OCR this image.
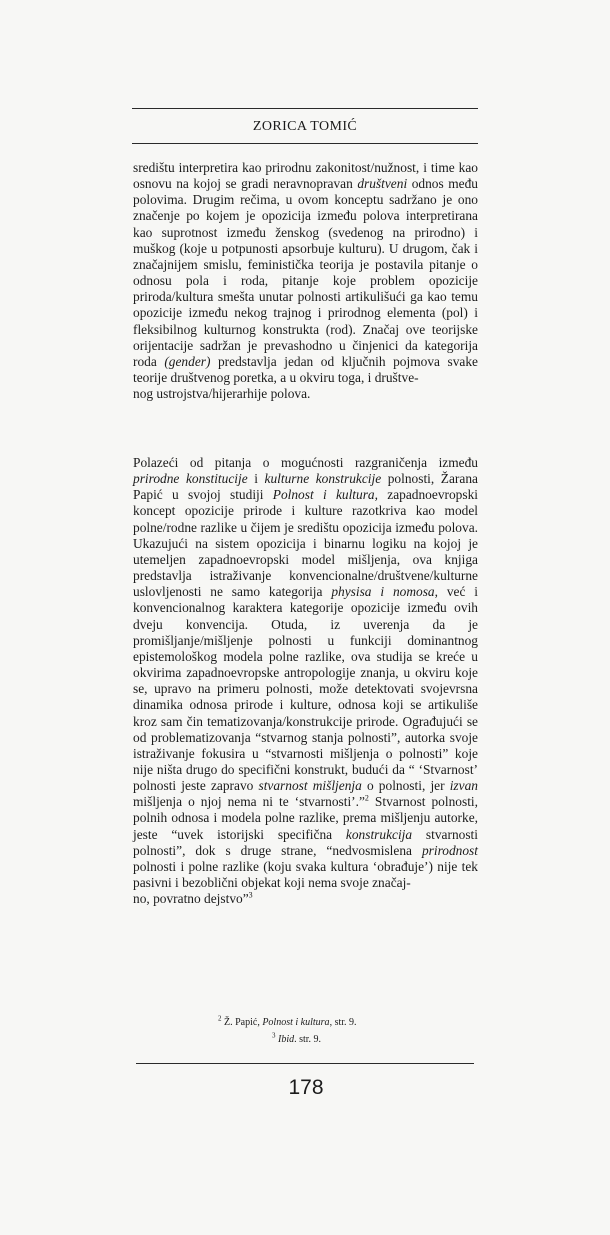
ZORICA TOMIĆ

središtu interpretira kao prirodnu zakonitost/nužnost, i time kao osnovu na kojoj se gradi neravnopravan društveni odnos među polovima. Drugim rečima, u ovom konceptu sadržano je ono značenje po kojem je opozicija između polova interpretirana kao suprotnost između ženskog (svedenog na prirodno) i muškog (koje u potpunosti apsorbuje kulturu). U drugom, čak i značajnijem smislu, feministička teorija je postavila pitanje o odnosu pola i roda, pitanje koje problem opozicije priroda/kultura smešta unutar polnosti artikulišući ga kao temu opozicije između nekog trajnog i prirodnog elementa (pol) i fleksibilnog kulturnog konstrukta (rod). Značaj ove teorijske orijentacije sadržan je prevashodno u činjenici da kategorija roda (gender) predstavlja jedan od ključnih pojmova svake teorije društvenog poretka, a u okviru toga, i društve-
nog ustrojstva/hijerarhije polova.

Polazeći od pitanja o mogućnosti razgraničenja između prirodne konstitucije i kulturne konstrukcije polnosti, Žarana Papić u svojoj studiji Polnost i kultura, zapadnoevropski koncept opozicije prirode i kulture razotkriva kao model polne/rodne razlike u čijem je središtu opozicija između polova. Ukazujući na sistem opozicija i binarnu logiku na kojoj je utemeljen zapadnoevropski model mišljenja, ova knjiga predstavlja istraživanje konvencionalne/društvene/kulturne uslovljenosti ne samo kategorija physisa i nomosa, već i konvencionalnog karaktera kategorije opozicije između ovih dveju konvencija. Otuda, iz uverenja da je promišljanje/mišljenje polnosti u funkciji dominantnog epistemološkog modela polne razlike, ova studija se kreće u okvirima zapadnoevropske antropologije znanja, u okviru koje se, upravo na primeru polnosti, može detektovati svojevrsna dinamika odnosa prirode i kulture, odnosa koji se artikuliše kroz sam čin tematizovanja/konstrukcije prirode. Ograđujući se od problematizovanja “stvarnog stanja polnosti”, autorka svoje istraživanje fokusira u “stvarnosti mišljenja o polnosti” koje nije ništa drugo do specifični konstrukt, budući da “ ‘Stvarnost’ polnosti jeste zapravo stvarnost mišljenja o polnosti, jer izvan mišljenja o njoj nema ni te ‘stvarnosti’.”$^2$ Stvarnost polnosti, polnih odnosa i modela polne razlike, prema mišljenju autorke, jeste “uvek istorijski specifična konstrukcija stvarnosti polnosti”, dok s druge strane, “nedvosmislena prirodnost polnosti i polne razlike (koju svaka kultura ‘obrađuje’) nije tek pasivni i bezoblični objekat koji nema svoje značaj-
no, povratno dejstvo”$^3$

$^2$ Ž. Papić, Polnost i kultura, str. 9.
$^3$ Ibid. str. 9.
178
